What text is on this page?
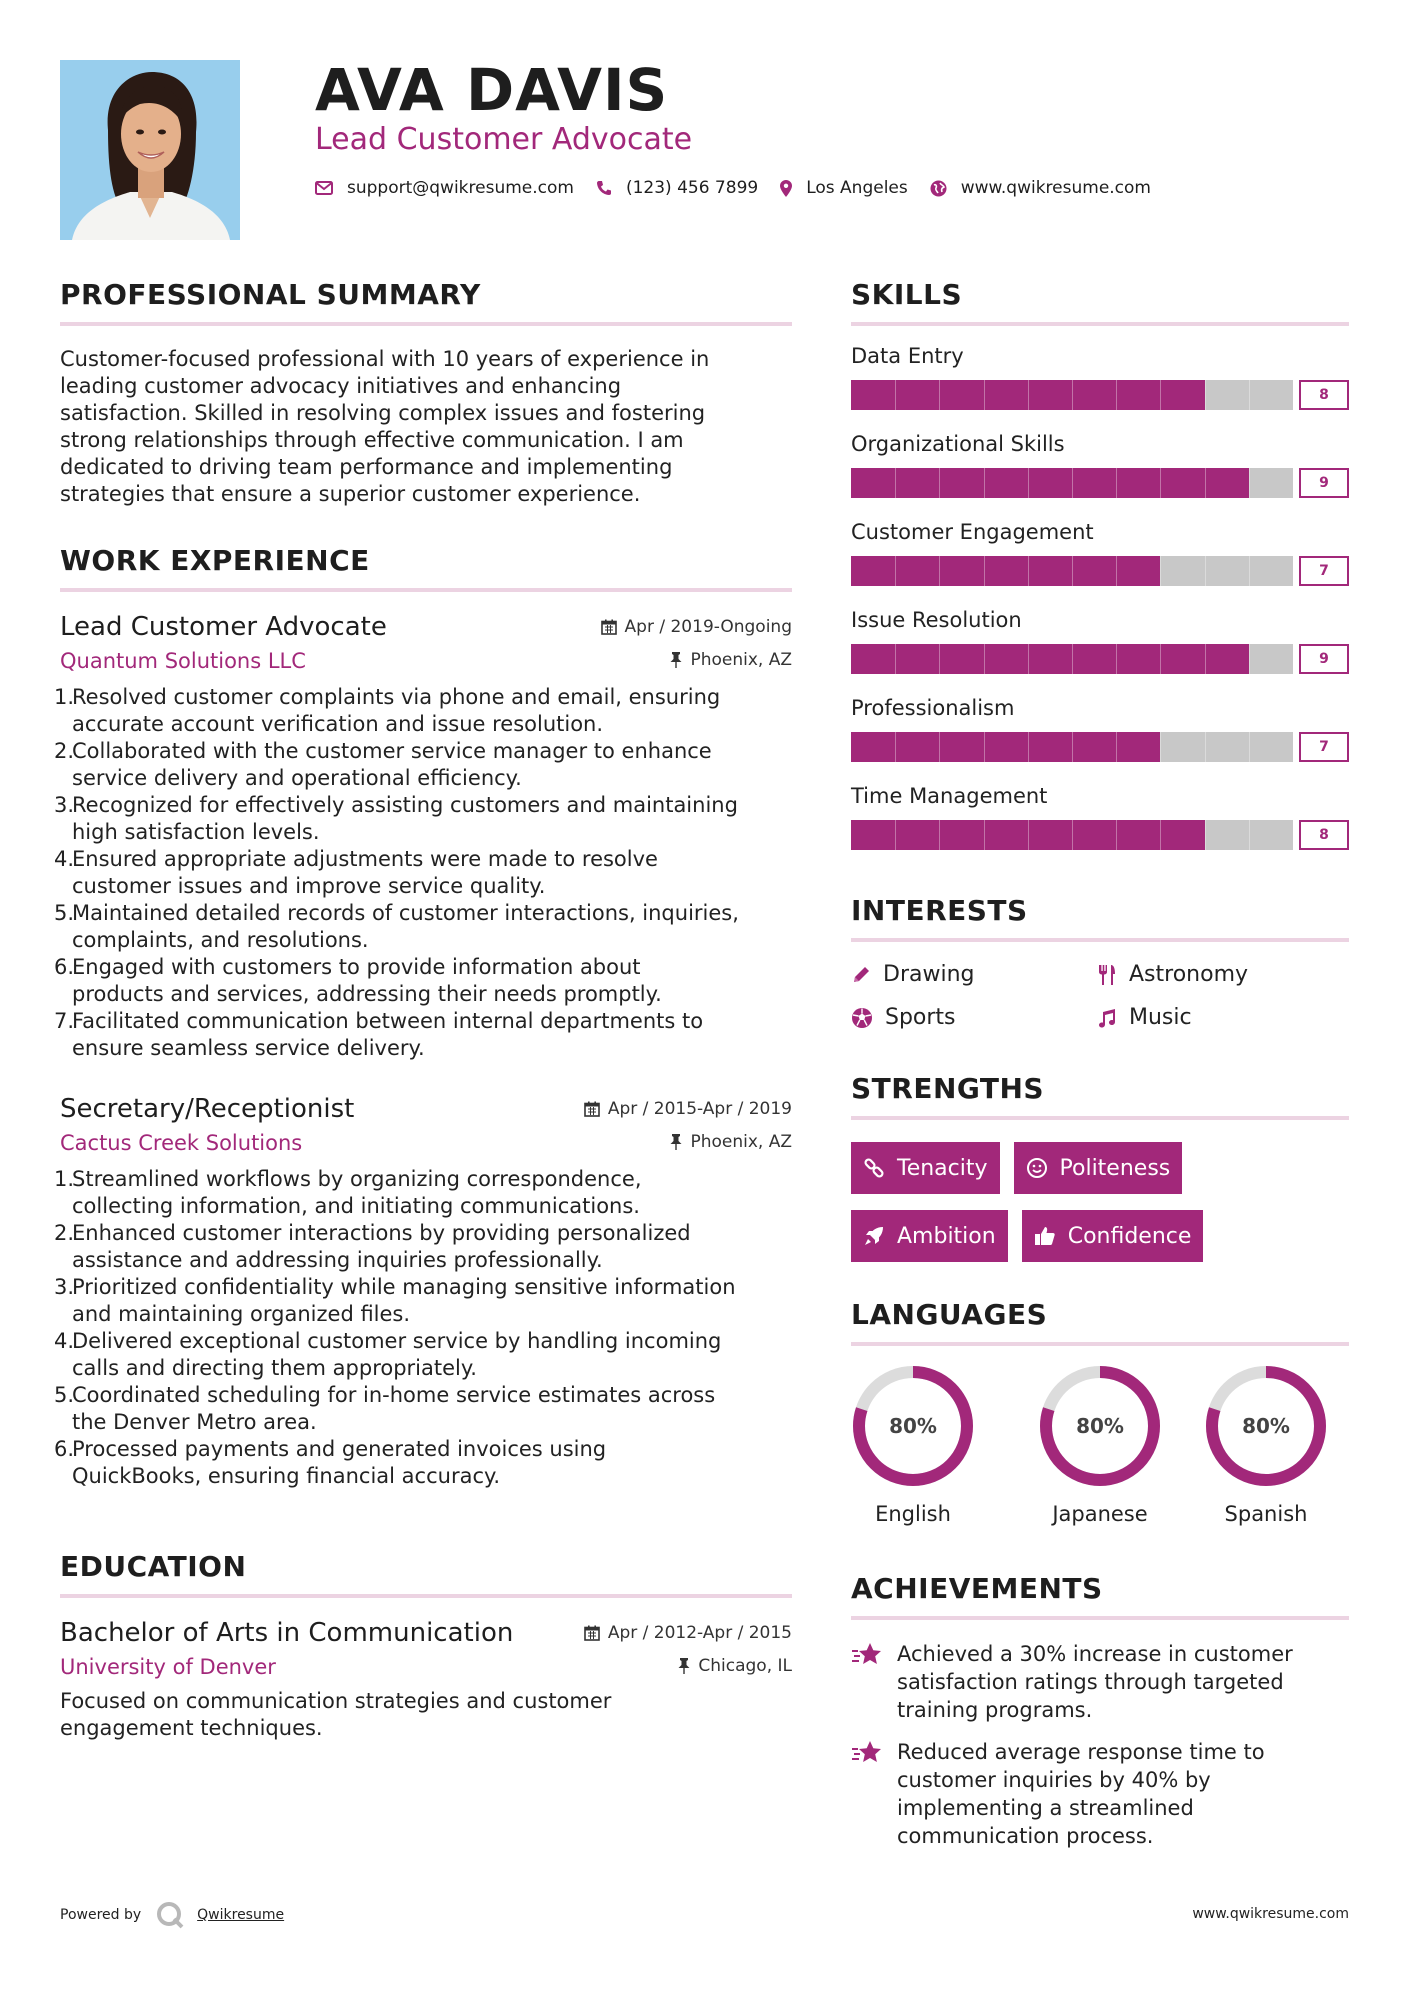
AVA DAVIS
Lead Customer Advocate
support@qwikresume.com	(123) 456 7899	Los Angeles	www.qwikresume.com
PROFESSIONAL SUMMARY
Customer-focused professional with 10 years of experience in
leading customer advocacy initiatives and enhancing
satisfaction. Skilled in resolving complex issues and fostering
strong relationships through effective communication. I am
dedicated to driving team performance and implementing
strategies that ensure a superior customer experience.
WORK EXPERIENCE
Lead Customer Advocate	Apr / 2019-Ongoing
Quantum Solutions LLC	Phoenix, AZ
1.
Resolved customer complaints via phone and email, ensuring
accurate account verification and issue resolution.
2.
Collaborated with the customer service manager to enhance
service delivery and operational efficiency.
3.
Recognized for effectively assisting customers and maintaining
high satisfaction levels.
4.
Ensured appropriate adjustments were made to resolve
customer issues and improve service quality.
5.
Maintained detailed records of customer interactions, inquiries,
complaints, and resolutions.
6.
Engaged with customers to provide information about
products and services, addressing their needs promptly.
7.
Facilitated communication between internal departments to
ensure seamless service delivery.
Secretary/Receptionist	Apr / 2015-Apr / 2019
Cactus Creek Solutions	Phoenix, AZ
1.
Streamlined workflows by organizing correspondence,
collecting information, and initiating communications.
2.
Enhanced customer interactions by providing personalized
assistance and addressing inquiries professionally.
3.
Prioritized confidentiality while managing sensitive information
and maintaining organized files.
4.
Delivered exceptional customer service by handling incoming
calls and directing them appropriately.
5.
Coordinated scheduling for in-home service estimates across
the Denver Metro area.
6.
Processed payments and generated invoices using
QuickBooks, ensuring financial accuracy.
EDUCATION
Bachelor of Arts in Communication	Apr / 2012-Apr / 2015
University of Denver	Chicago, IL
Focused on communication strategies and customer
engagement techniques.
SKILLS
Data Entry
8
Organizational Skills
9
Customer Engagement
7
Issue Resolution
9
Professionalism
7
Time Management
8
INTERESTS
Drawing	Astronomy
Sports	Music
STRENGTHS
Tenacity	Politeness
Ambition	Confidence
LANGUAGES
80%
English
80%
Japanese
80%
Spanish
ACHIEVEMENTS
Achieved a 30% increase in customer
satisfaction ratings through targeted
training programs.
Reduced average response time to
customer inquiries by 40% by
implementing a streamlined
communication process.
Powered by	Qwikresume	www.qwikresume.com
